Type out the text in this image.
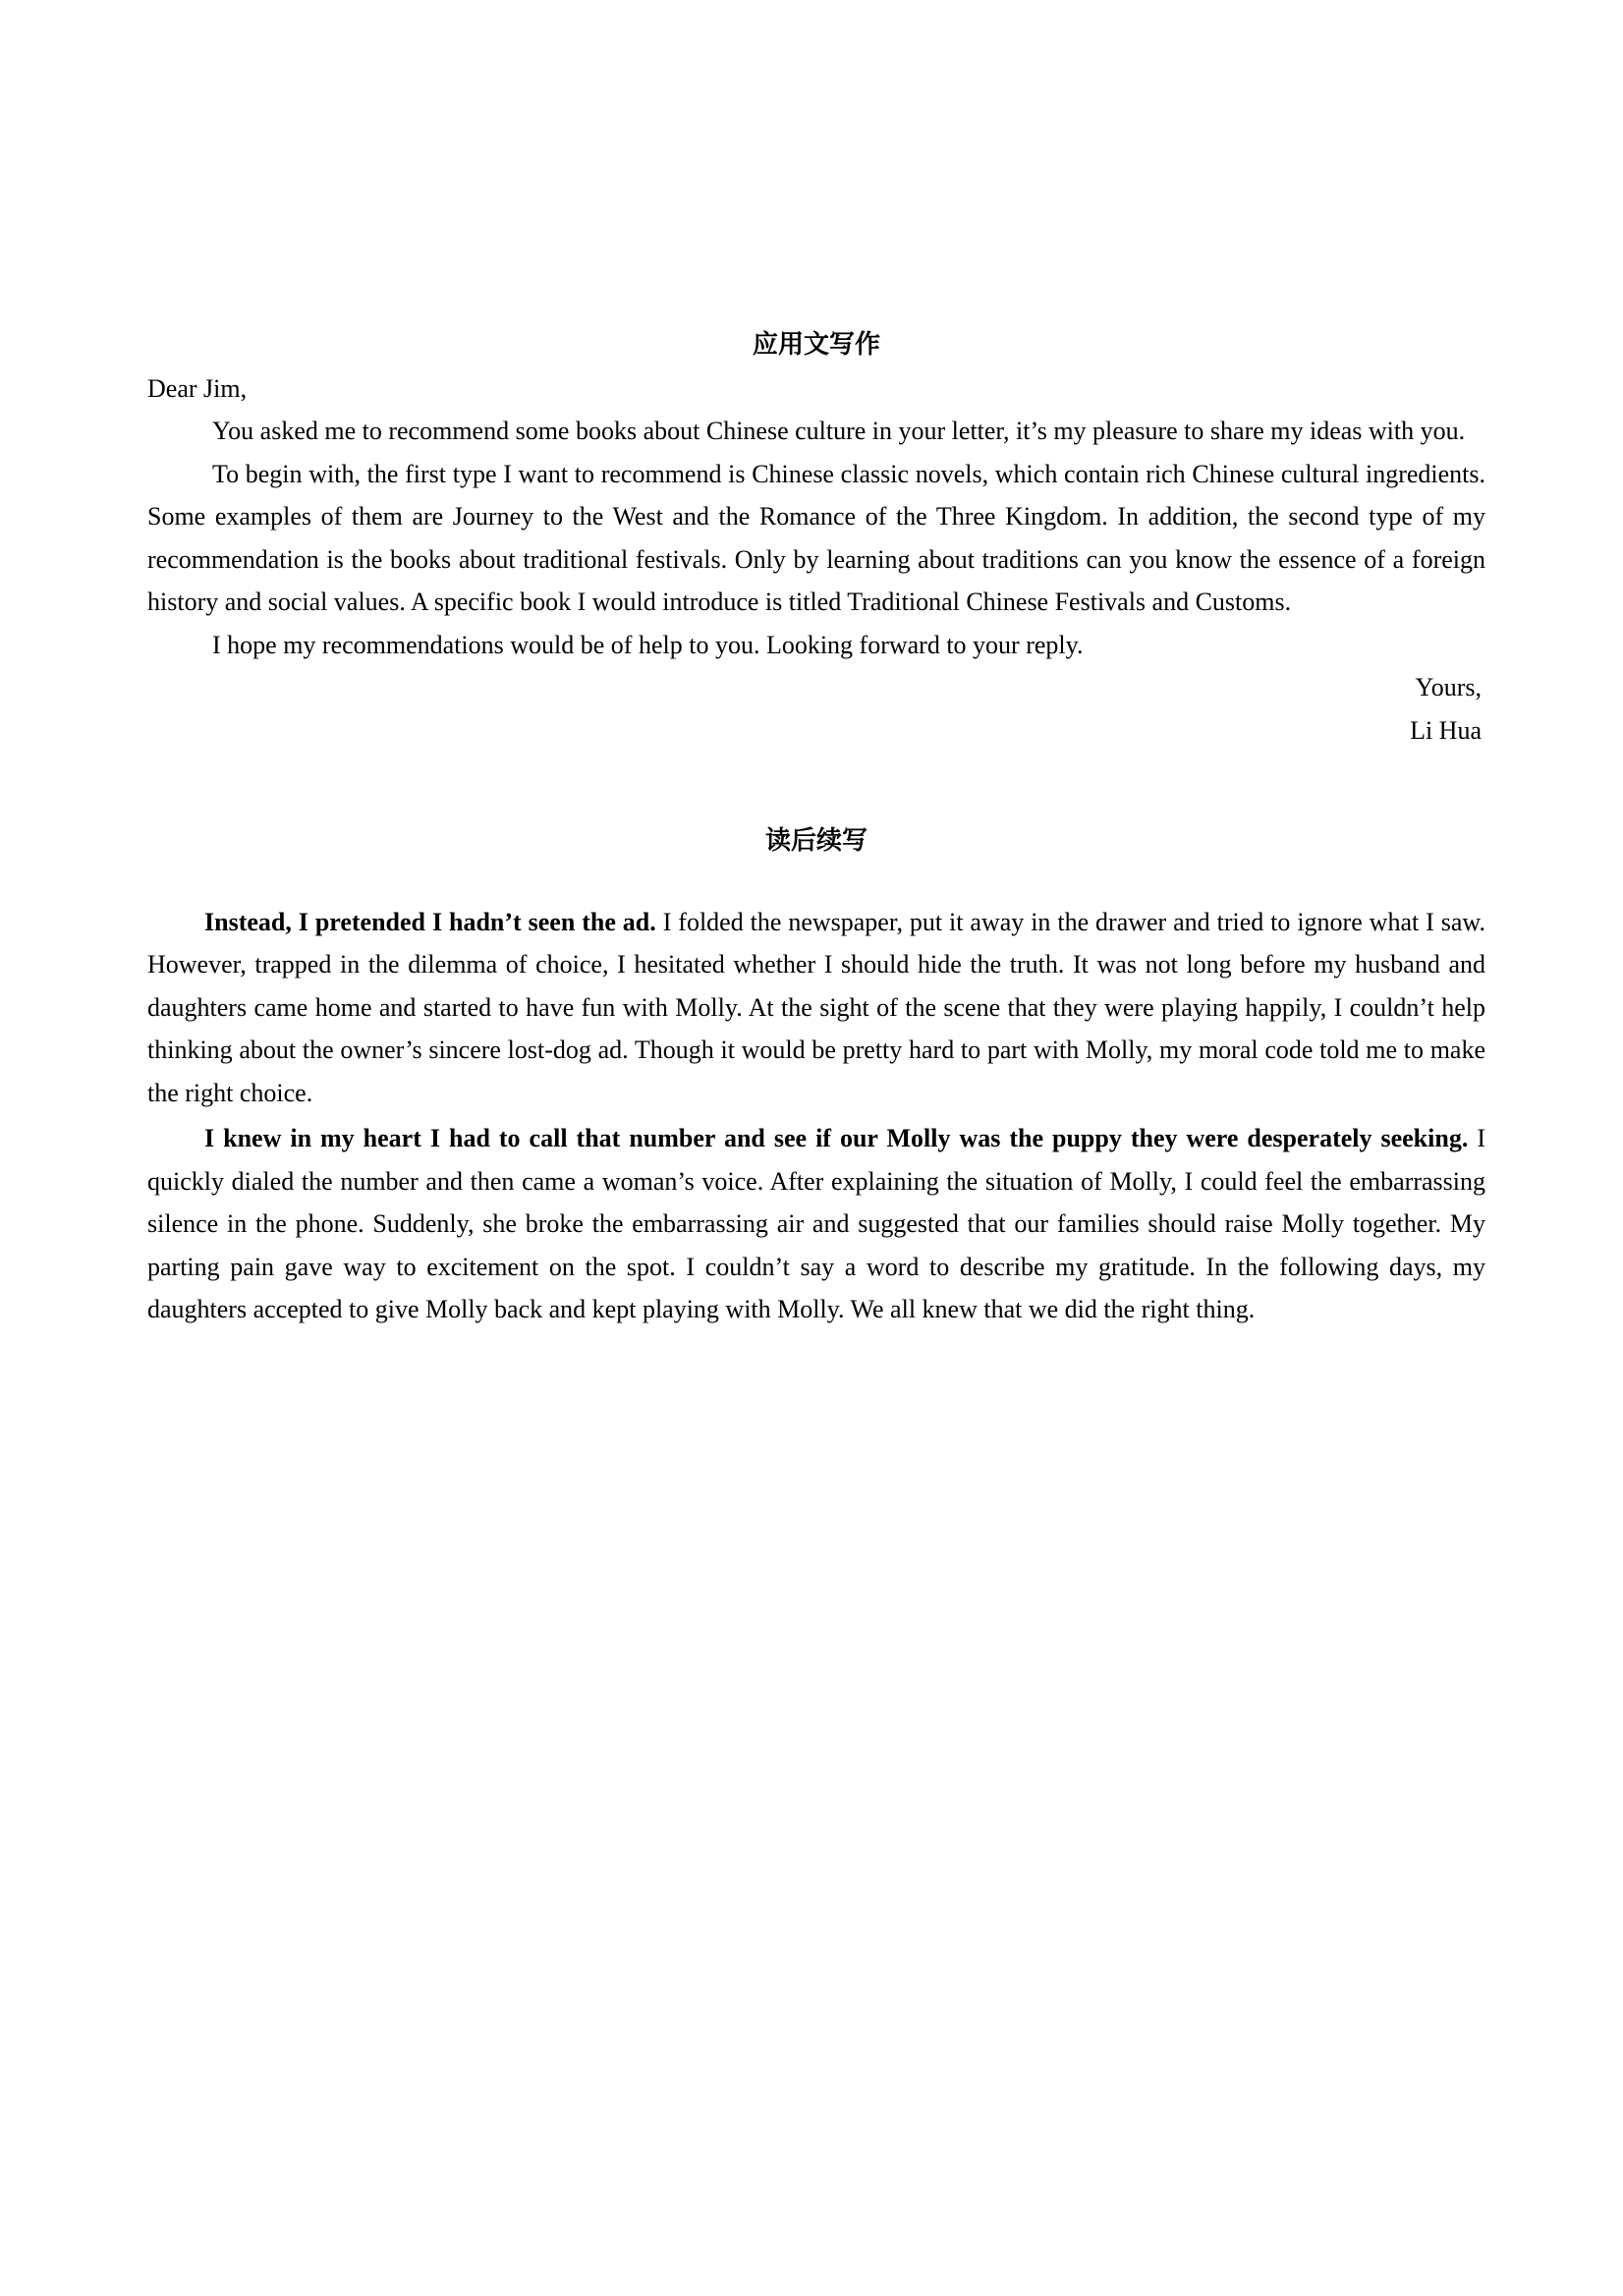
应用文写作

Dear Jim,

You asked me to recommend some books about Chinese culture in your letter, it’s my pleasure to share my ideas with you.

To begin with, the first type I want to recommend is Chinese classic novels, which contain rich Chinese cultural ingredients. Some examples of them are Journey to the West and the Romance of the Three Kingdom. In addition, the second type of my recommendation is the books about traditional festivals. Only by learning about traditions can you know the essence of a foreign history and social values. A specific book I would introduce is titled Traditional Chinese Festivals and Customs.

I hope my recommendations would be of help to you. Looking forward to your reply.

Yours,

Li Hua

读后续写

Instead, I pretended I hadn’t seen the ad. I folded the newspaper, put it away in the drawer and tried to ignore what I saw. However, trapped in the dilemma of choice, I hesitated whether I should hide the truth. It was not long before my husband and daughters came home and started to have fun with Molly. At the sight of the scene that they were playing happily, I couldn’t help thinking about the owner’s sincere lost-dog ad. Though it would be pretty hard to part with Molly, my moral code told me to make the right choice.

I knew in my heart I had to call that number and see if our Molly was the puppy they were desperately seeking. I quickly dialed the number and then came a woman’s voice. After explaining the situation of Molly, I could feel the embarrassing silence in the phone. Suddenly, she broke the embarrassing air and suggested that our families should raise Molly together. My parting pain gave way to excitement on the spot. I couldn’t say a word to describe my gratitude. In the following days, my daughters accepted to give Molly back and kept playing with Molly. We all knew that we did the right thing.
